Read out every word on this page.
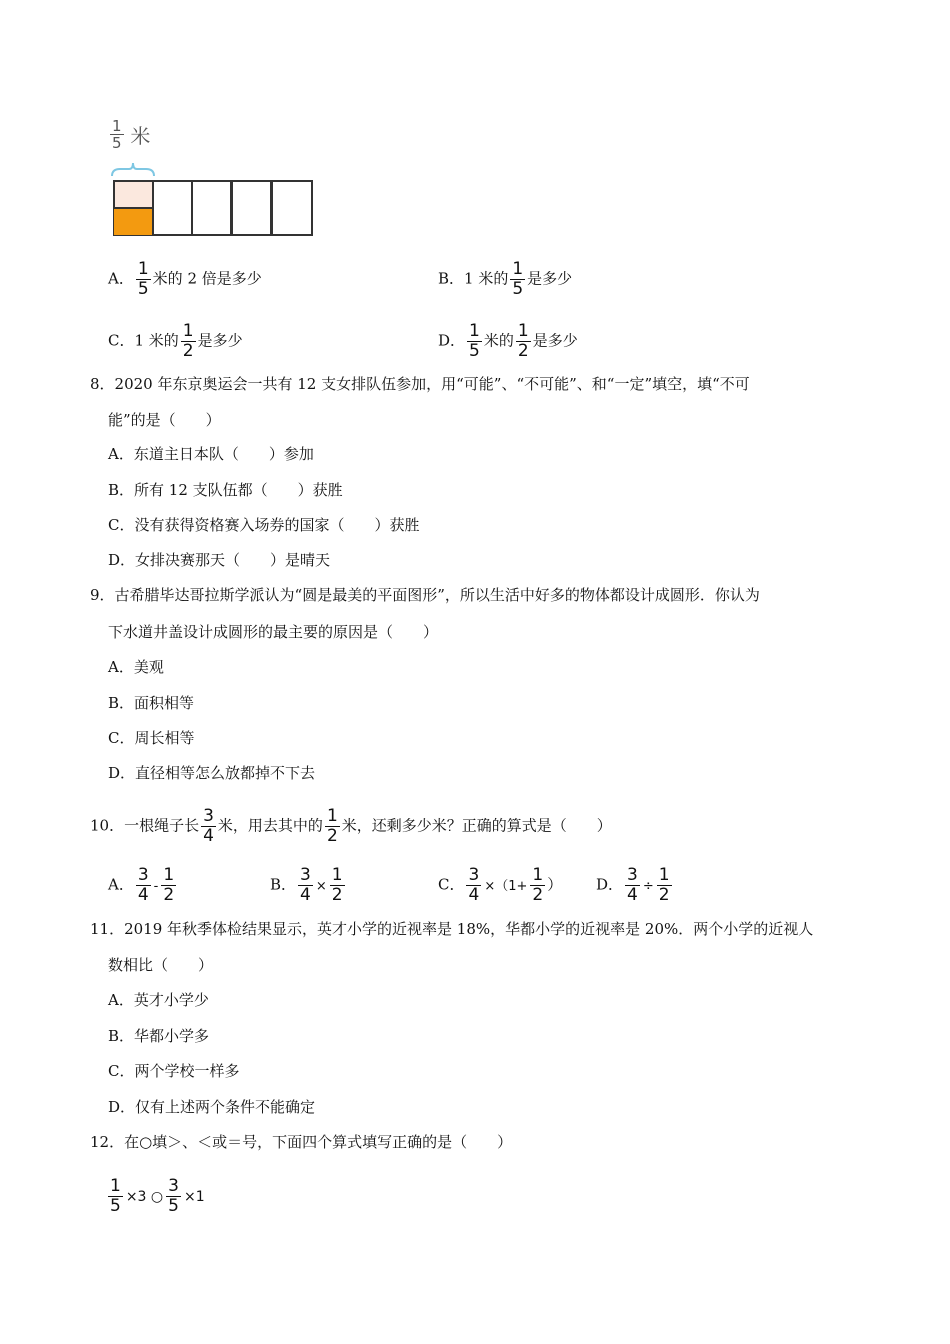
$\frac{1}{5}$ 米
A． $\frac{1}{5}$ 米的 2 倍是多少	B．1 米的 $\frac{1}{5}$ 是多少
C．1 米的 $\frac{1}{2}$ 是多少	D． $\frac{1}{5}$ 米的 $\frac{1}{2}$ 是多少
8．2020 年东京奥运会一共有 12 支女排队伍参加，用“可能”、“不可能”、和“一定”填空，填“不可
能”的是（　　）
A．东道主日本队（　　）参加
B．所有 12 支队伍都（　　）获胜
C．没有获得资格赛入场券的国家（　　）获胜
D．女排决赛那天（　　）是晴天
9．古希腊毕达哥拉斯学派认为“圆是最美的平面图形”，所以生活中好多的物体都设计成圆形．你认为
下水道井盖设计成圆形的最主要的原因是（　　）
A．美观
B．面积相等
C．周长相等
D．直径相等怎么放都掉不下去
10．一根绳子长 $\frac{3}{4}$ 米，用去其中的 $\frac{1}{2}$ 米，还剩多少米？正确的算式是（　　）
A． $\frac{3}{4} - \frac{1}{2}$	B． $\frac{3}{4} \times \frac{1}{2}$	C． $\frac{3}{4} \times(1+ \frac{1}{2}$ ） D． $\frac{3}{4} \div \frac{1}{2}$
11．2019 年秋季体检结果显示，英才小学的近视率是 18%，华都小学的近视率是 20%．两个小学的近视人
数相比（　　）
A．英才小学少
B．华都小学多
C．两个学校一样多
D．仅有上述两个条件不能确定
12．在○填＞、＜或＝号，下面四个算式填写正确的是（　　）
$\frac{1}{5} \times 3$ ○ $\frac{3}{5} \times 1$
